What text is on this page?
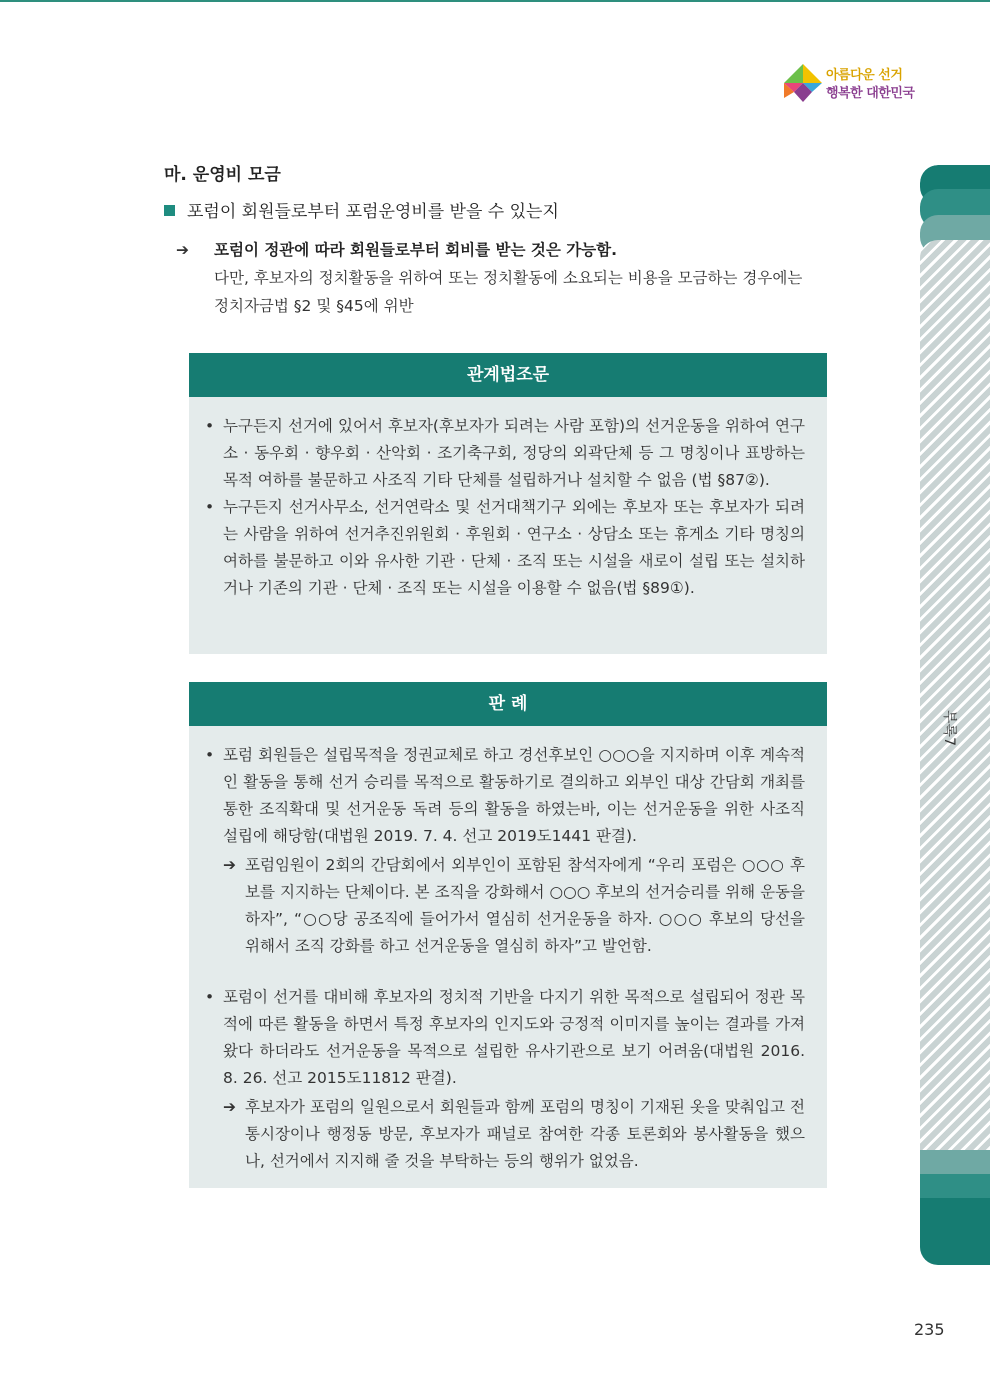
아름다운 선거
행복한 대한민국
부록7
마. 운영비 모금
포럼이 회원들로부터 포럼운영비를 받을 수 있는지
➔ 포럼이 정관에 따라 회원들로부터 회비를 받는 것은 가능함.
다만, 후보자의 정치활동을 위하여 또는 정치활동에 소요되는 비용을 모금하는 경우에는
정치자금법 §2 및 §45에 위반
관계법조문
• 누구든지 선거에 있어서 후보자(후보자가 되려는 사람 포함)의 선거운동을 위하여 연구소 · 동우회 · 향우회 · 산악회 · 조기축구회, 정당의 외곽단체 등 그 명칭이나 표방하는 목적 여하를 불문하고 사조직 기타 단체를 설립하거나 설치할 수 없음 (법 §87②).
• 누구든지 선거사무소, 선거연락소 및 선거대책기구 외에는 후보자 또는 후보자가 되려는 사람을 위하여 선거추진위원회 · 후원회 · 연구소 · 상담소 또는 휴게소 기타 명칭의 여하를 불문하고 이와 유사한 기관 · 단체 · 조직 또는 시설을 새로이 설립 또는 설치하거나 기존의 기관 · 단체 · 조직 또는 시설을 이용할 수 없음(법 §89①).
판 례
• 포럼 회원들은 설립목적을 정권교체로 하고 경선후보인 ○○○을 지지하며 이후 계속적인 활동을 통해 선거 승리를 목적으로 활동하기로 결의하고 외부인 대상 간담회 개최를 통한 조직확대 및 선거운동 독려 등의 활동을 하였는바, 이는 선거운동을 위한 사조직 설립에 해당함(대법원 2019. 7. 4. 선고 2019도1441 판결).
➔ 포럼임원이 2회의 간담회에서 외부인이 포함된 참석자에게 “우리 포럼은 ○○○ 후보를 지지하는 단체이다. 본 조직을 강화해서 ○○○ 후보의 선거승리를 위해 운동을 하자”, “○○당 공조직에 들어가서 열심히 선거운동을 하자. ○○○ 후보의 당선을 위해서 조직 강화를 하고 선거운동을 열심히 하자”고 발언함.
• 포럼이 선거를 대비해 후보자의 정치적 기반을 다지기 위한 목적으로 설립되어 정관 목적에 따른 활동을 하면서 특정 후보자의 인지도와 긍정적 이미지를 높이는 결과를 가져왔다 하더라도 선거운동을 목적으로 설립한 유사기관으로 보기 어려움(대법원 2016. 8. 26. 선고 2015도11812 판결).
➔ 후보자가 포럼의 일원으로서 회원들과 함께 포럼의 명칭이 기재된 옷을 맞춰입고 전통시장이나 행정동 방문, 후보자가 패널로 참여한 각종 토론회와 봉사활동을 했으나, 선거에서 지지해 줄 것을 부탁하는 등의 행위가 없었음.
235
